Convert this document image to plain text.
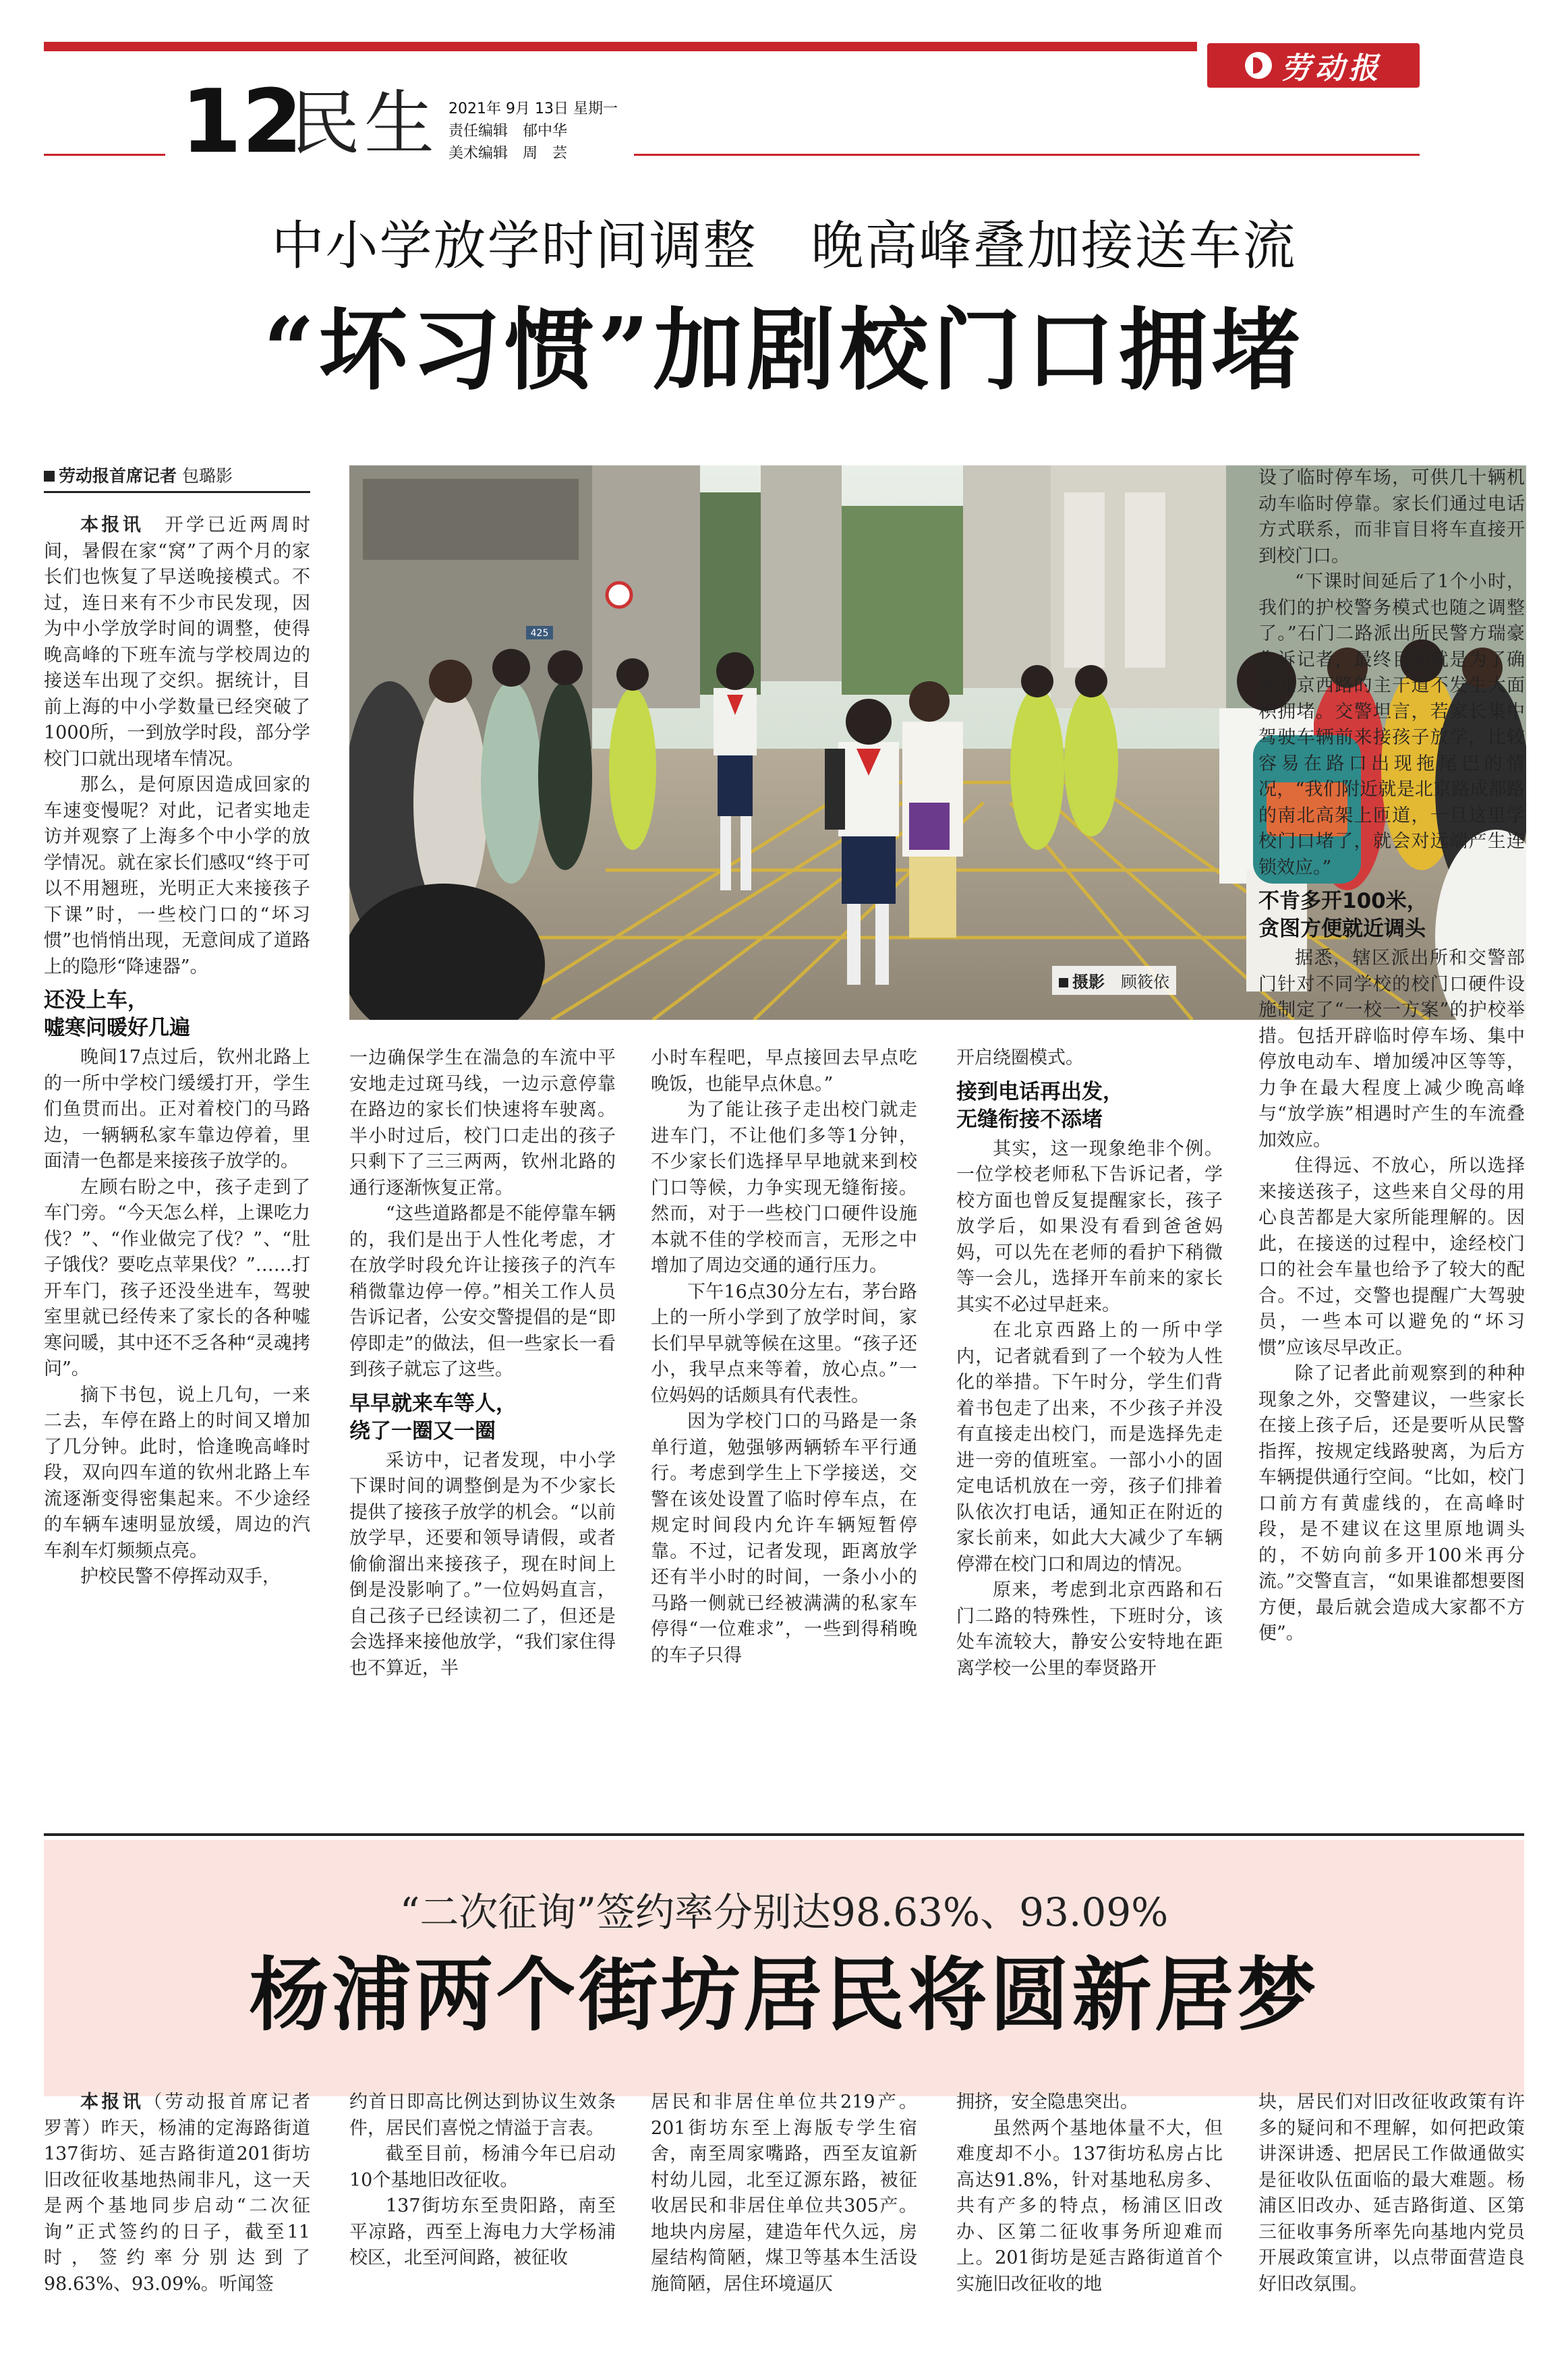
劳动报
12
民生 2021年 9月 13日 星期一
责任编辑　郁中华
美术编辑　周　芸
中小学放学时间调整　晚高峰叠加接送车流
“坏习惯”加剧校门口拥堵
劳动报首席记者 包璐影
425
摄影　 顾筱依

本报讯　 开学已近两周时间，暑假在家“窝”了两个月的家长们也恢复了早送晚接模式。不过，连日来有不少市民发现，因为中小学放学时间的调整，使得晚高峰的下班车流与学校周边的接送车出现了交织。据统计，目前上海的中小学数量已经突破了1000所，一到放学时段，部分学校门口就出现堵车情况。

那么，是何原因造成回家的车速变慢呢？对此，记者实地走访并观察了上海多个中小学的放学情况。就在家长们感叹“终于可以不用翘班，光明正大来接孩子下课”时，一些校门口的“坏习惯”也悄悄出现，无意间成了道路上的隐形“降速器”。

还没上车，
嘘寒问暖好几遍

晚间17点过后，钦州北路上的一所中学校门缓缓打开，学生们鱼贯而出。正对着校门的马路边，一辆辆私家车靠边停着，里面清一色都是来接孩子放学的。

左顾右盼之中，孩子走到了车门旁。“今天怎么样，上课吃力伐？”、“作业做完了伐？”、“肚子饿伐？要吃点苹果伐？”……打开车门，孩子还没坐进车，驾驶室里就已经传来了家长的各种嘘寒问暖，其中还不乏各种“灵魂拷问”。

摘下书包，说上几句，一来二去，车停在路上的时间又增加了几分钟。此时，恰逢晚高峰时段，双向四车道的钦州北路上车流逐渐变得密集起来。不少途经的车辆车速明显放缓，周边的汽车刹车灯频频点亮。

护校民警不停挥动双手，

一边确保学生在湍急的车流中平安地走过斑马线，一边示意停靠在路边的家长们快速将车驶离。半小时过后，校门口走出的孩子只剩下了三三两两，钦州北路的通行逐渐恢复正常。

“这些道路都是不能停靠车辆的，我们是出于人性化考虑，才在放学时段允许让接孩子的汽车稍微靠边停一停。”相关工作人员告诉记者，公安交警提倡的是“即停即走”的做法，但一些家长一看到孩子就忘了这些。

早早就来车等人，
绕了一圈又一圈

采访中，记者发现，中小学下课时间的调整倒是为不少家长提供了接孩子放学的机会。“以前放学早，还要和领导请假，或者偷偷溜出来接孩子，现在时间上倒是没影响了。”一位妈妈直言，自己孩子已经读初二了，但还是会选择来接他放学，“我们家住得也不算近，半

小时车程吧，早点接回去早点吃晚饭，也能早点休息。”

为了能让孩子走出校门就走进车门，不让他们多等1分钟，不少家长们选择早早地就来到校门口等候，力争实现无缝衔接。然而，对于一些校门口硬件设施本就不佳的学校而言，无形之中增加了周边交通的通行压力。

下午16点30分左右，茅台路上的一所小学到了放学时间，家长们早早就等候在这里。“孩子还小，我早点来等着，放心点。”一位妈妈的话颇具有代表性。

因为学校门口的马路是一条单行道，勉强够两辆轿车平行通行。考虑到学生上下学接送，交警在该处设置了临时停车点，在规定时间段内允许车辆短暂停靠。不过，记者发现，距离放学还有半小时的时间，一条小小的马路一侧就已经被满满的私家车停得“一位难求”，一些到得稍晚的车子只得

开启绕圈模式。

接到电话再出发，
无缝衔接不添堵

其实，这一现象绝非个例。一位学校老师私下告诉记者，学校方面也曾反复提醒家长，孩子放学后，如果没有看到爸爸妈妈，可以先在老师的看护下稍微等一会儿，选择开车前来的家长其实不必过早赶来。

在北京西路上的一所中学内，记者就看到了一个较为人性化的举措。下午时分，学生们背着书包走了出来，不少孩子并没有直接走出校门，而是选择先走进一旁的值班室。一部小小的固定电话机放在一旁，孩子们排着队依次打电话，通知正在附近的家长前来，如此大大减少了车辆停滞在校门口和周边的情况。

原来，考虑到北京西路和石门二路的特殊性，下班时分，该处车流较大，静安公安特地在距离学校一公里的奉贤路开

设了临时停车场，可供几十辆机动车临时停靠。家长们通过电话方式联系，而非盲目将车直接开到校门口。

“下课时间延后了1个小时，我们的护校警务模式也随之调整了。”石门二路派出所民警方瑞豪告诉记者，最终目的就是为了确保北京西路的主干道不发生大面积拥堵。交警坦言，若家长集中驾驶车辆前来接孩子放学，比较容易在路口出现拖尾巴的情况，“我们附近就是北京路成都路的南北高架上匝道，一旦这里学校门口堵了，就会对远端产生连锁效应。”

不肯多开100米，
贪图方便就近调头

据悉，辖区派出所和交警部门针对不同学校的校门口硬件设施制定了“一校一方案”的护校举措。包括开辟临时停车场、集中停放电动车、增加缓冲区等等，力争在最大程度上减少晚高峰与“放学族”相遇时产生的车流叠加效应。

住得远、不放心，所以选择来接送孩子，这些来自父母的用心良苦都是大家所能理解的。因此，在接送的过程中，途经校门口的社会车量也给予了较大的配合。不过，交警也提醒广大驾驶员，一些本可以避免的“坏习惯”应该尽早改正。

除了记者此前观察到的种种现象之外，交警建议，一些家长在接上孩子后，还是要听从民警指挥，按规定线路驶离，为后方车辆提供通行空间。“比如，校门口前方有黄虚线的，在高峰时段，是不建议在这里原地调头的，不妨向前多开100米再分流。”交警直言，“如果谁都想要图方便，最后就会造成大家都不方便”。

“二次征询”签约率分别达98.63%、93.09%
杨浦两个街坊居民将圆新居梦

本报讯（劳动报首席记者　罗菁）昨天，杨浦的定海路街道137街坊、延吉路街道201街坊旧改征收基地热闹非凡，这一天是两个基地同步启动“二次征询”正式签约的日子，截至11时，签约率分别达到了98.63%、93.09%。听闻签

约首日即高比例达到协议生效条件，居民们喜悦之情溢于言表。

截至目前，杨浦今年已启动10个基地旧改征收。

137街坊东至贵阳路，南至平凉路，西至上海电力大学杨浦校区，北至河间路，被征收

居民和非居住单位共219产。201街坊东至上海版专学生宿舍，南至周家嘴路，西至友谊新村幼儿园，北至辽源东路，被征收居民和非居住单位共305产。地块内房屋，建造年代久远，房屋结构简陋，煤卫等基本生活设施简陋，居住环境逼仄

拥挤，安全隐患突出。

虽然两个基地体量不大，但难度却不小。137街坊私房占比高达91.8%，针对基地私房多、共有产多的特点，杨浦区旧改办、区第二征收事务所迎难而上。201街坊是延吉路街道首个实施旧改征收的地

块，居民们对旧改征收政策有许多的疑问和不理解，如何把政策讲深讲透、把居民工作做通做实是征收队伍面临的最大难题。杨浦区旧改办、延吉路街道、区第三征收事务所率先向基地内党员开展政策宣讲，以点带面营造良好旧改氛围。
